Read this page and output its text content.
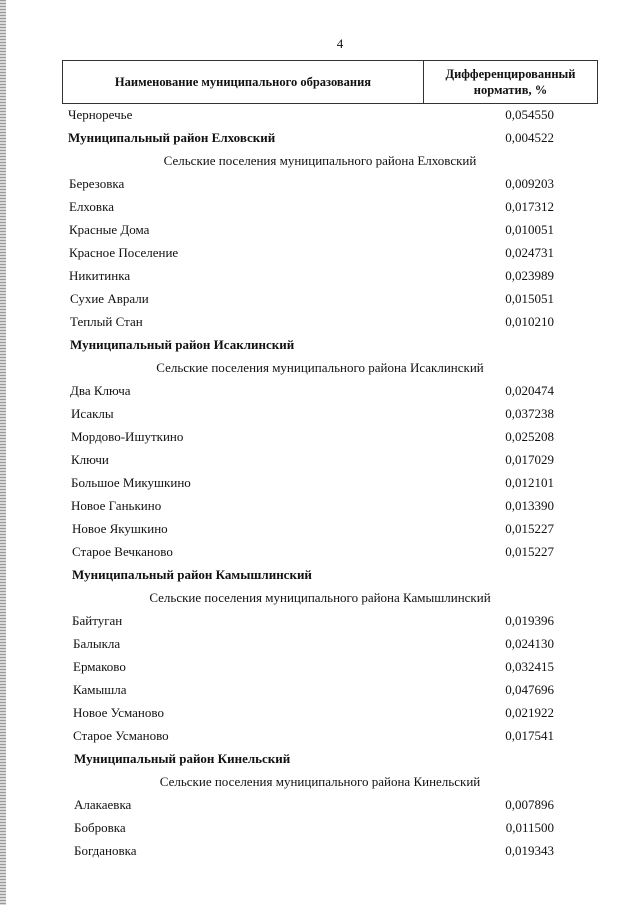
4
Наименование муниципального образования	
Дифференцированный
норматив, %
Черноречье	0,054550
Муниципальный район Елховский	0,004522
Сельские поселения муниципального района Елховский
Березовка	0,009203
Елховка	0,017312
Красные Дома	0,010051
Красное Поселение	0,024731
Никитинка	0,023989
Сухие Аврали	0,015051
Теплый Стан	0,010210
Муниципальный район Исаклинский
Сельские поселения муниципального района Исаклинский
Два Ключа	0,020474
Исаклы	0,037238
Мордово-Ишуткино	0,025208
Ключи	0,017029
Большое Микушкино	0,012101
Новое Ганькино	0,013390
Новое Якушкино	0,015227
Старое Вечканово	0,015227
Муниципальный район Камышлинский
Сельские поселения муниципального района Камышлинский
Байтуган	0,019396
Балыкла	0,024130
Ермаково	0,032415
Камышла	0,047696
Новое Усманово	0,021922
Старое Усманово	0,017541
Муниципальный район Кинельский
Сельские поселения муниципального района Кинельский
Алакаевка	0,007896
Бобровка	0,011500
Богдановка	0,019343
